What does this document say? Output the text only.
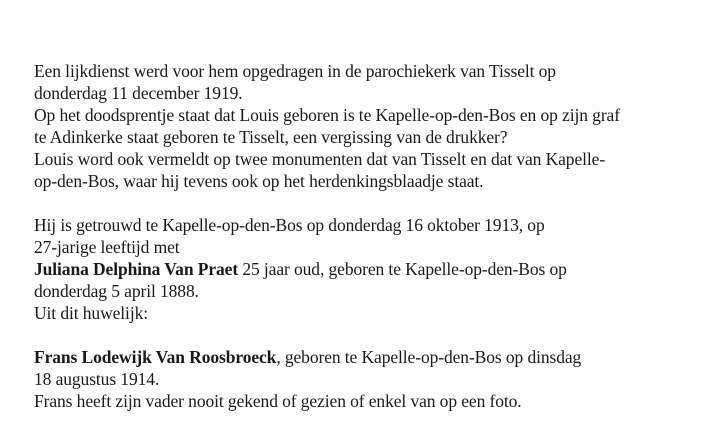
Een lijkdienst werd voor hem opgedragen in de parochiekerk van Tisselt op
donderdag 11 december 1919.
Op het doodsprentje staat dat Louis geboren is te Kapelle-op-den-Bos en op zijn graf
te Adinkerke staat geboren te Tisselt, een vergissing van de drukker?
Louis word ook vermeldt op twee monumenten dat van Tisselt en dat van Kapelle-
op-den-Bos, waar hij tevens ook op het herdenkingsblaadje staat.
Hij is getrouwd te Kapelle-op-den-Bos op donderdag 16 oktober 1913, op
27-jarige leeftijd met
Juliana Delphina Van Praet 25 jaar oud, geboren te Kapelle-op-den-Bos op
donderdag 5 april 1888.
Uit dit huwelijk:
Frans Lodewijk Van Roosbroeck, geboren te Kapelle-op-den-Bos op dinsdag
18 augustus 1914.
Frans heeft zijn vader nooit gekend of gezien of enkel van op een foto.
